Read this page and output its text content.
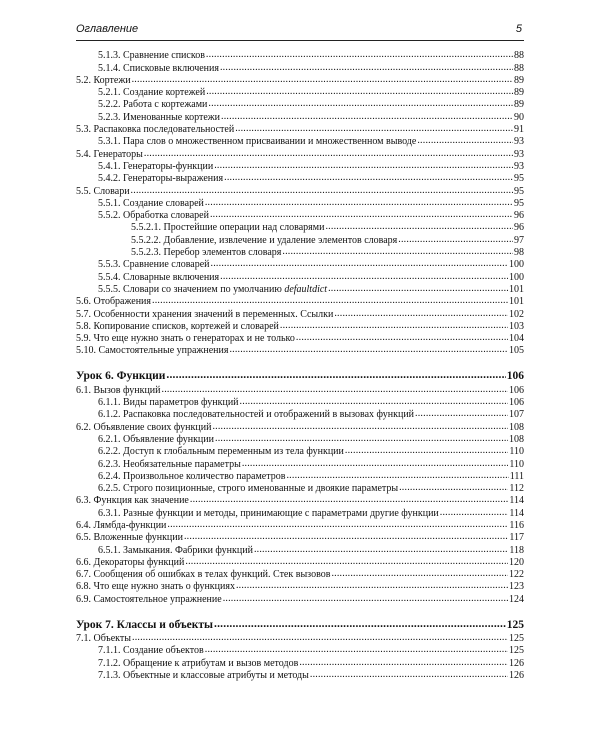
Оглавление	5
5.1.3. Сравнение списков .....	88
5.1.4. Списковые включения .....	88
5.2. Кортежи .....	89
5.2.1. Создание кортежей .....	89
5.2.2. Работа с кортежами .....	89
5.2.3. Именованные кортежи .....	90
5.3. Распаковка последовательностей .....	91
5.3.1. Пара слов о множественном присваивании и множественном выводе .....	93
5.4. Генераторы .....	93
5.4.1. Генераторы-функции .....	93
5.4.2. Генераторы-выражения .....	95
5.5. Словари .....	95
5.5.1. Создание словарей .....	95
5.5.2. Обработка словарей .....	96
5.5.2.1. Простейшие операции над словарями .....	96
5.5.2.2. Добавление, извлечение и удаление элементов словаря .....	97
5.5.2.3. Перебор элементов словаря .....	98
5.5.3. Сравнение словарей .....	100
5.5.4. Словарные включения .....	100
5.5.5. Словари со значением по умолчанию defaultdict .....	101
5.6. Отображения .....	101
5.7. Особенности хранения значений в переменных. Ссылки .....	102
5.8. Копирование списков, кортежей и словарей .....	103
5.9. Что еще нужно знать о генераторах и не только .....	104
5.10. Самостоятельные упражнения .....	105
Урок 6. Функции .....	106
6.1. Вызов функций .....	106
6.1.1. Виды параметров функций .....	106
6.1.2. Распаковка последовательностей и отображений в вызовах функций .....	107
6.2. Объявление своих функций .....	108
6.2.1. Объявление функции .....	108
6.2.2. Доступ к глобальным переменным из тела функции .....	110
6.2.3. Необязательные параметры .....	110
6.2.4. Произвольное количество параметров .....	111
6.2.5. Строго позиционные, строго именованные и двоякие параметры .....	112
6.3. Функция как значение .....	114
6.3.1. Разные функции и методы, принимающие с параметрами другие функции .....	114
6.4. Лямбда-функции .....	116
6.5. Вложенные функции .....	117
6.5.1. Замыкания. Фабрики функций .....	118
6.6. Декораторы функций .....	120
6.7. Сообщения об ошибках в телах функций. Стек вызовов .....	122
6.8. Что еще нужно знать о функциях .....	123
6.9. Самостоятельное упражнение .....	124
Урок 7. Классы и объекты .....	125
7.1. Объекты .....	125
7.1.1. Создание объектов .....	125
7.1.2. Обращение к атрибутам и вызов методов .....	126
7.1.3. Объектные и классовые атрибуты и методы .....	126
